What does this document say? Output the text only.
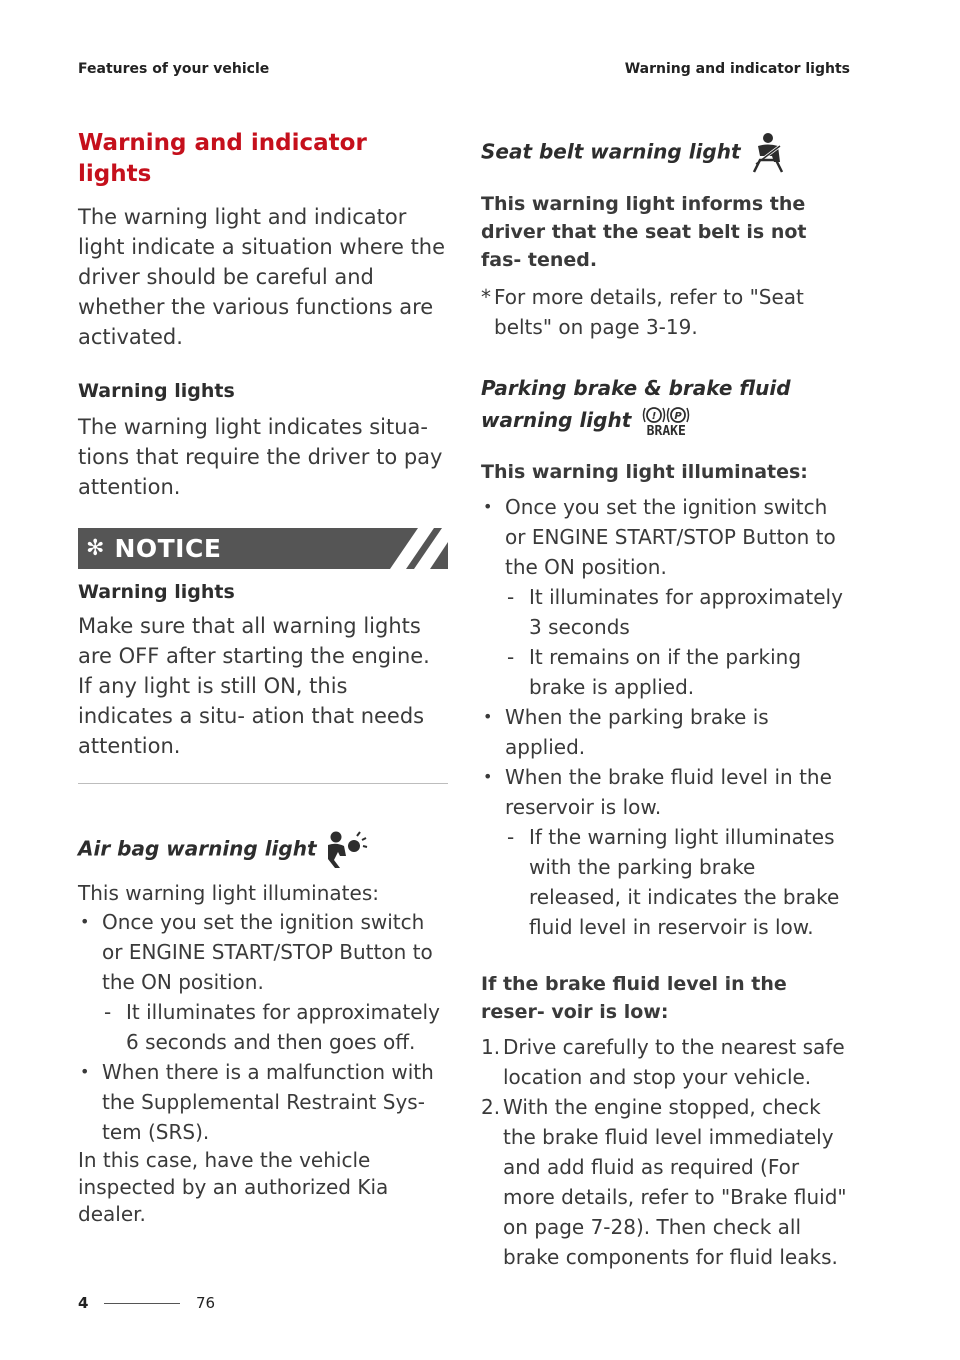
Features of your vehicle	Warning and indicator lights
Warning and indicator lights

The warning light and indicator light indicate a situation where the driver should be careful and whether the various functions are activated.

Warning lights

The warning light indicates situa- tions that require the driver to pay attention.

✻ NOTICE
Warning lights

Make sure that all warning lights are OFF after starting the engine. If any light is still ON, this indicates a situ- ation that needs attention.

Air bag warning light

This warning light illuminates:

• Once you set the ignition switch or ENGINE START/STOP Button to the ON position.
- It illuminates for approximately 6 seconds and then goes off.
• When there is a malfunction with the Supplemental Restraint Sys- tem (SRS).

In this case, have the vehicle inspected by an authorized Kia dealer.

Seat belt warning light

This warning light informs the driver that the seat belt is not fas- tened.

* For more details, refer to "Seat belts" on page 3-19.

Parking brake & brake fluid warning light ! P
BRAKE

This warning light illuminates:

• Once you set the ignition switch or ENGINE START/STOP Button to the ON position.
- It illuminates for approximately 3 seconds
- It remains on if the parking brake is applied.
• When the parking brake is applied.
• When the brake fluid level in the reservoir is low.
- If the warning light illuminates with the parking brake released, it indicates the brake fluid level in reservoir is low.

If the brake fluid level in the reser- voir is low:

1. Drive carefully to the nearest safe location and stop your vehicle.
2. With the engine stopped, check the brake fluid level immediately and add fluid as required (For more details, refer to "Brake fluid" on page 7-28). Then check all brake components for fluid leaks.
4	76
